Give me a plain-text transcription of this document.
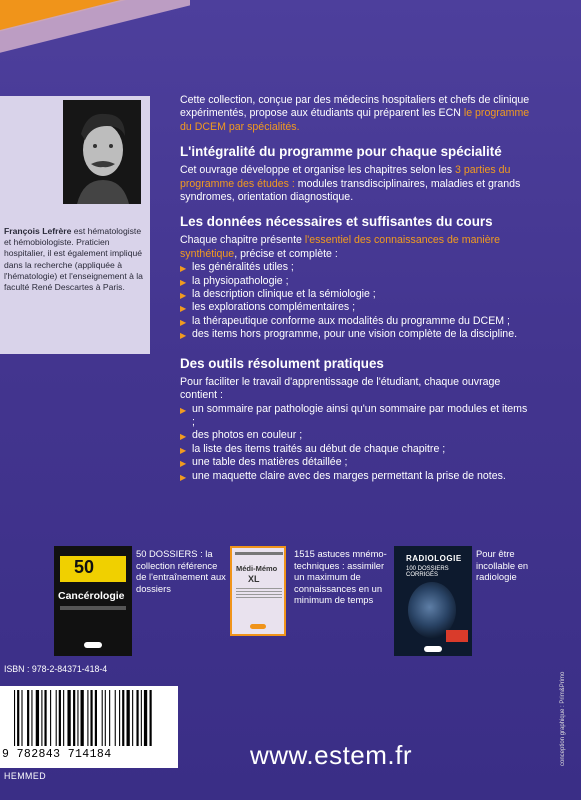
François Lefrère est hématologiste et hémobiologiste. Praticien hospitalier, il est également impliqué dans la recherche (appliquée à l'hématologie) et l'enseignement à la faculté René Descartes à Paris.

Cette collection, conçue par des médecins hospitaliers et chefs de clinique expérimentés, propose aux étudiants qui préparent les ECN le programme du DCEM par spécialités.

L'intégralité du programme pour chaque spécialité

Cet ouvrage développe et organise les chapitres selon les 3 parties du programme des études : modules transdisciplinaires, maladies et grands syndromes, orientation diagnostique.

Les données nécessaires et suffisantes du cours

Chaque chapitre présente l'essentiel des connaissances de manière synthétique, précise et complète :

▶ les généralités utiles ;
▶ la physiopathologie ;
▶ la description clinique et la sémiologie ;
▶ les explorations complémentaires ;
▶ la thérapeutique conforme aux modalités du programme du DCEM ;
▶ des items hors programme, pour une vision complète de la discipline.
Des outils résolument pratiques

Pour faciliter le travail d'apprentissage de l'étudiant, chaque ouvrage contient :

▶ un sommaire par pathologie ainsi qu'un sommaire par modules et items ;
▶ des photos en couleur ;
▶ la liste des items traités au début de chaque chapitre ;
▶ une table des matières détaillée ;
▶ une maquette claire avec des marges permettant la prise de notes.
50
Cancérologie
50 DOSSIERS : la collection référence de l'entraînement aux dossiers
Médi-Mémo
XL
1515 astuces mnémo-techniques : assimiler un maximum de connaissances en un minimum de temps
RADIOLOGIE
100 DOSSIERS CORRIGÉS
Pour être incollable en radiologie
ISBN : 978-2-84371-418-4
9 782843 714184
HEMMED
www.estem.fr	conception graphique : Prim&Primo
